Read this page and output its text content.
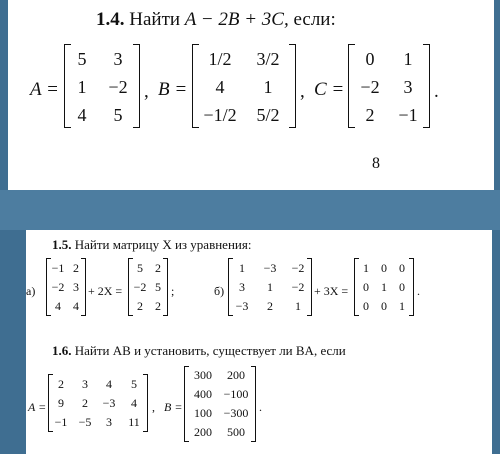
1.4. Найти A − 2B + 3C, если:
A =
5 3
1 −2
4 5
, B =
1/2 3/2
4 1
−1/2 5/2
, C =
0 1
−2 3
2 −1
.
8
1.5. Найти матрицу X из уравнения:
а)
−1 2
−2 3
4 4
+ 2X =
5 2
−2 5
2 2
;	б)
1 −3 −2
3 1 −2
−3 2 1
+ 3X =
1 0 0
0 1 0
0 0 1
.
1.6. Найти AB и установить, существует ли BA, если
A =
2 3 4 5
9 2 −3 4
−1 −5 3 11
, B =
300 200
400 −100
100 −300
200 500
.
